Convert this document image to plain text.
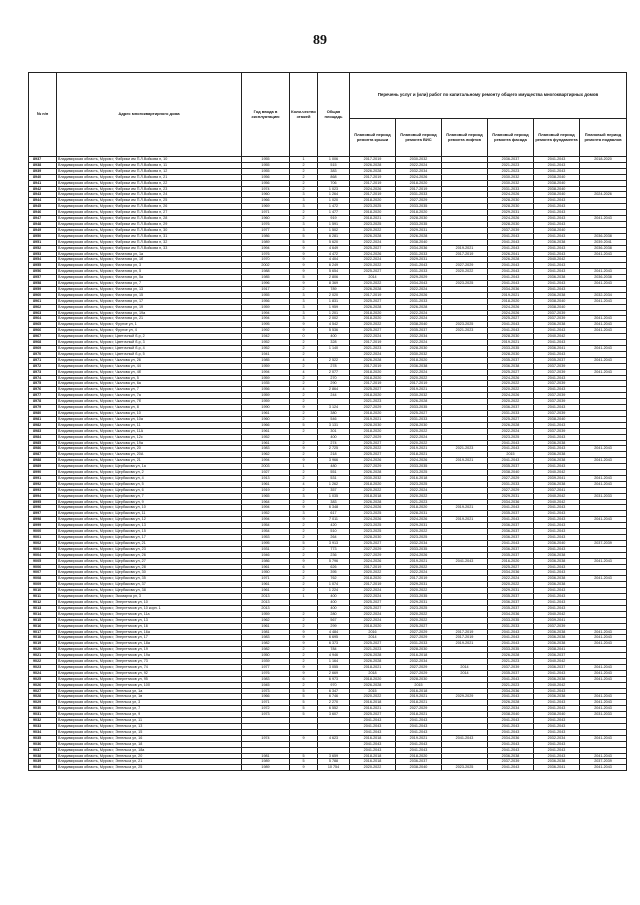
89
№ п/п	Адрес многоквартирного дома	Год ввода в эксплуатацию	Коли-чество этажей	Общая площадь	Перечень услуг и (или) работ по капитальному ремонту общего имущества многоквартирных домов					
					Плановый период ремонта крыши	Плановый период ремонта ВИС	Плановый период ремонта лифтов	Плановый период ремонта фасада	Плановый период ремонта фундамента	Плановый период ремонта подвалов
8937	Владимирская область, Муром г, Фабрики им П.Л.Войкова п, 10	1955	1	1 006	2017-2019	2030-2032		2036-2037	2041-2043	2018-2020
8938	Владимирская область, Муром г, Фабрики им П.Л.Войкова п, 11	1955	2	515	2026-2028	2022-2024		2021-2023	2041-2043	
8939	Владимирская область, Муром г, Фабрики им П.Л.Войкова п, 12	1955	2	383	2026-2028	2032-2034		2021-2023	2041-2043	
8940	Владимирская область, Муром г, Фабрики им П.Л.Войкова п, 21	1956	2	868	2017-2019	2024-2026		2030-2032	2038-2040	
8941	Владимирская область, Муром г, Фабрики им П.Л.Войкова п, 22	1956	2	706	2017-2019	2018-2020		2030-2032	2038-2040	
8942	Владимирская область, Муром г, Фабрики им П.Л.Войкова п, 23	1974	2	1 023	2024-2026	2017-2019		2031-2033	2038-2040	
8943	Владимирская область, Муром г, Фабрики им П.Л.Войкова п, 24	1960	3	1 264	2017-2019	2031-2033		2024-2026	2038-2040	2024-2026
8944	Владимирская область, Муром г, Фабрики им П.Л.Войкова п, 25	1966	3	1 020	2018-2020	2027-2029		2028-2030	2041-2043	
8945	Владимирская область, Муром г, Фабрики им П.Л.Войкова п, 26	1969	3	1 472	2023-2025	2033-2035		2028-2030	2041-2043	
8946	Владимирская область, Муром г, Фабрики им П.Л.Войкова п, 27	1971	2	1 477	2018-2020	2018-2020		2029-2031	2041-2043	
8947	Владимирская область, Муром г, Фабрики им П.Л.Войкова п, 28	1960	2	919	2018-2021	2028-2030		2024-2026	2041-2043	2041-2043
8948	Владимирская область, Муром г, Фабрики им П.Л.Войкова п, 29	1976	3	1 591	2023-2025	2033-2035		2028-2030	2041-2043	
8949	Владимирская область, Муром г, Фабрики им П.Л.Войкова п, 30	1977	3	1 502	2020-2022	2029-2031		2037-2039	2038-2040	
8950	Владимирская область, Муром г, Фабрики им П.Л.Войкова п, 31	1986	5	6 281	2026-2028	2026-2028		2041-2043	2041-2043	2036-2038
8951	Владимирская область, Муром г, Фабрики им П.Л.Войкова п, 32	1989	5	5 620	2022-2024	2038-2040		2041-2043	2036-2038	2039-2041
8952	Владимирская область, Муром г, Фабрики им П.Л.Войкова п, 33	1994	9	4 649	2025-2027	2034-2036	2019-2021	2041-2043	2041-2043	2036-2038
8953	Владимирская область, Муром г, Филатова ул, 1а	1976	9	4 472	2024-2026	2031-2033	2017-2019	2026-2041	2041-2043	2041-2043
8954	Владимирская область, Муром г, Филатова ул, 1б	1970	9	4 404	2022-2024	2029-2031		2026-2028	2040-2042	
8955	Владимирская область, Муром г, Филатова ул, 3	2002	9	6 249	2020-2022	2041-2043	2027-2029	2041-2043	2041-2043	
8956	Владимирская область, Муром г, Филатова ул, 5	1988	9	5 654	2025-2027	2031-2033	2020-2022	2041-2043	2041-2043	2041-2043
8957	Владимирская область, Муром г, Филатова ул, 5а	1985	5	2 806	2014	2029-2029		2041-2043	2036-2038	2036-2038
8958	Владимирская область, Муром г, Филатова ул, 7	1996	9	8 369	2020-2022	2034-2043	2023-2025	2041-2043	2041-2043	2041-2043
8959	Владимирская область, Муром г, Филатова ул, 13	1917	2	789	2026-2028	2022-2024		2034-2036	2041-2043	
8960	Владимирская область, Муром г, Филатова ул, 15	1955	3	2 020	2017-2019	2024-2026		2019-2021	2036-2038	2032-2034
8961	Владимирская область, Муром г, Филатова ул, 17	1956	3	1 831	2025-2027	2031-2033		2018-2020	2038-2040	2041-2043
8962	Владимирская область, Муром г, Филатова ул, 19	1959	3	1 959	2026-2028	2026-2028		2024-2026	2038-2040	
8963	Владимирская область, Муром г, Филатова ул, 19а	1994	3	1 201	2018-2020	2022-2024		2024-2026	2037-2039	
8964	Владимирская область, Муром г, Филатова ул, 21	1994	3	2 002	2018-2020	2022-2024		2025-2027	2037-2039	2041-2043
8965	Владимирская область, Муром г, Фрунзе ул, 1	1995	9	4 542	2020-2022	2038-2040	2023-2025	2041-2043	2036-2038	2041-2043
8966	Владимирская область, Муром г, Фрунзе ул, 4	1992	9	5 536	2025-2027	2035-2037	2021-2023	2041-2043	2041-2043	2041-2043
8967	Владимирская область, Муром г, Цветочный б-р, 2	1942	0	400	2022-2024	2032-2034		2028-2030	2040-2042	
8968	Владимирская область, Муром г, Цветочный б-р, 3	1952	2	328	2017-2019	2022-2024		2019-2021	2041-2043	
8969	Владимирская область, Муром г, Цветочный б-р, 4	1952	2	1 140	2021-2023	2028-2030		2033-2035	2036-2041	2041-2043
8970	Владимирская область, Муром г, Цветочный б-р, 5	1941	2		2022-2024	2030-2032		2028-2030	2041-2043	
8971	Владимирская область, Муром г, Чкалова ул, 26	1985	4	2 522	2026-2028	2018-2020		2035-2037	2035-2037	2041-2043
8972	Владимирская область, Муром г, Чкалова ул, 44	1959	2	278	2017-2019	2036-2038		2036-2038	2037-2039	
8973	Владимирская область, Муром г, Чкалова ул, 4б	1994	4	2 077	2018-2020	2022-2024		2025-2027	2037-2039	2041-2043
8974	Владимирская область, Муром г, Чкалова ул, 5	1959	2	270	2018-2020	2020-2022		2024-2026	2041-2043	
8975	Владимирская область, Муром г, Чкалова ул, 6а	1935	2	290	2017-2019	2017-2019		2020-2022	2037-2039	
8976	Владимирская область, Муром г, Чкалова ул, 7	1956	4	2 864	2025-2027	2019-2021		2020-2022	2041-2043	
8977	Владимирская область, Муром г, Чкалова ул, 7а	1959	2	244	2018-2020	2030-2032		2024-2026	2037-2039	
8978	Владимирская область, Муром г, Чкалова ул, 7б	1959	2		2021-2023	2026-2028		2020-2022	2037-2039	
8979	Владимирская область, Муром г, Чкалова ул, 8	1990	9	3 124	2027-2029	2033-2035		2036-2037	2041-2043	
8980	Владимирская область, Муром г, Чкалова ул, 10	1961	2	380	2018-2020	2025-2027		2031-2033	2037-2039	
8981	Владимирская область, Муром г, Чкалова ул, 10а	1960	2	546	2019-2021	2031-2033		2025-2027	2038-2040	
8982	Владимирская область, Муром г, Чкалова ул, 11	1966	5	3 131	2028-2030	2028-2030		2026-2028	2041-2043	
8983	Владимирская область, Муром г, Чкалова ул, 11А	1961	2	301	2018-2020	2020-2022		2022-2024	2037-2039	
8984	Владимирская область, Муром г, Чкалова ул, 12с	1952		400	2027-2029	2022-2024		2023-2025	2041-2043	
8985	Владимирская область, Муром г, Чкалова ул, 19а	1961	2	274	2025-2027	2020-2022		2041-2043	2036-2038	
8986	Владимирская область, Муром г, Чкалова ул, 20	1983	9	2 725	2020-2022	2019-2021	2021-2023	2041-2043	2041-2043	2041-2043
8987	Владимирская область, Муром г, Чкалова ул, 20А	1962	2	218	2025-2027	2018-2021		2015	2036-2038	
8988	Владимирская область, Муром г, Чкалова ул, 21	1994	9	3 966	2024-2026	2024-2026	2019-2021	2041-2043	2036-2038	2041-2043
8989	Владимирская область, Муром г, Щербакова ул, 1а	2003	1	480	2027-2029	2033-2035		2035-2037	2041-2043	
8990	Владимирская область, Муром г, Щербакова ул, 2	1927	2	551	2026-2028	2023-2025		2038-2040	2040-2042	
8991	Владимирская область, Муром г, Щербакова ул, 4	1913	2	531	2030-2032	2016-2018		2027-2029	2039-2041	2041-2043
8992	Владимирская область, Муром г, Щербакова ул, 5	1961	4	1 262	2018-2020	2023-2025		2031-2033	2036-2038	2041-2043
8993	Владимирская область, Муром г, Щербакова ул, 6	1919	2	357	2020-2022	2022-2024		2027-2029	2037-2041	
8994	Владимирская область, Муром г, Щербакова ул, 7	1965	3	1 035	2018-2018	2020-2022		2029-2031	2040-2042	2031-2033
8995	Владимирская область, Муром г, Щербакова ул, 9	1964	2	383	2026-2028	2021-2023		2034-2036	2040-2042	
8996	Владимирская область, Муром г, Щербакова ул, 10	1994	9	6 348	2024-2026	2018-2020	2019-2021	2041-2043	2041-2043	
8997	Владимирская область, Муром г, Щербакова ул, 11	1952	3	617	2023-2025	2028-2031		2035-2037	2041-2043	
8998	Владимирская область, Муром г, Щербакова ул, 12	1994	9	7 011	2024-2026	2024-2026	2019-2021	2041-2043	2041-2043	2041-2043
8999	Владимирская область, Муром г, Щербакова ул, 13	1954	2	420	2023-2025	2029-2031		2036-2037	2041-2043	
9000	Владимирская область, Муром г, Щербакова ул, 15	1954	2	510	2023-2025	2020-2022		2036-2037	2041-2043	
9001	Владимирская область, Муром г, Щербакова ул, 17	1953	2	264	2028-2030	2023-2025		2036-2037	2041-2043	
9002	Владимирская область, Муром г, Щербакова ул, 21	1995	5	3 913	2025-2027	2032-2034		2041-2043	2036-2040	2037-2039
9003	Владимирская область, Муром г, Щербакова ул, 23	1931	2	773	2027-2029	2033-2035		2036-2037	2041-2043	
9004	Владимирская область, Муром г, Щербакова ул, 26	1946	2	236	2027-2029	2024-2026		2035-2037	2036-2038	
9005	Владимирская область, Муром г, Щербакова ул, 27	1986	9	5 796	2024-2026	2019-2021	2041-2043	2016-2020	2036-2038	2041-2043
9006	Владимирская область, Муром г, Щербакова ул, 28	1961	6	626	2017-2019	2020-2022		2025-2027	2041-2043	
9007	Владимирская область, Муром г, Щербакова ул, 30	1950	2	395	2020-2022	2022-2024		2034-2036	2041-2043	
9008	Владимирская область, Муром г, Щербакова ул, 35	1971	2	762	2018-2020	2017-2019		2022-2024	2036-2038	2041-2043
9009	Владимирская область, Муром г, Щербакова ул, 37	1961	2	1 074	2017-2019	2029-2031		2020-2022	2036-2038	
9010	Владимирская область, Муром г, Щербакова ул, 38	1961	2	1 224	2022-2024	2020-2022		2029-2031	2041-2043	
9011	Владимирская область, Муром г, Эксмарха ул, 3	2013	1	400	2022-2024	2033-2035		2035-2037	2041-2043	
9012	Владимирская область, Муром г, Энергетиков ул, 10	2013		400	2025-2027	2029-2031		2036-2037	2041-2043	
9013	Владимирская область, Муром г, Энергетиков ул, 10 корп. 1	2013		400	2025-2027	2023-2025		2035-2037	2041-2043	
9014	Владимирская область, Муром г, Энергетиков ул, 11а	1959	2	280	2022-2024	2020-2022		2034-2036	2040-2042	
9015	Владимирская область, Муром г, Энергетиков ул, 13	1962	2	567	2022-2024	2020-2022		2033-2035	2039-2041	
9016	Владимирская область, Муром г, Энергетиков ул, 16	1961	2	299	2018-2020	2025-2027		2031-2033	2037-2039	
9017	Владимирская область, Муром г, Энергетиков ул, 16а	1981	9	4 484	2016	2027-2029	2017-2019	2041-2043	2036-2038	2041-2043
9018	Владимирская область, Муром г, Энергетиков ул, 17	1983	9	6 695	2014	2027-2029	2017-2019	2041-2043	2036-2038	2041-2043
9019	Владимирская область, Муром г, Энергетиков ул, 18а	1982	9	6 373	2025-2027	2031-2033	2019-2021	2041-2043	2036-2038	2041-2043
9020	Владимирская область, Муром г, Энергетиков ул, 19	1982	2	784	2021-2023	2028-2030		2033-2035	2038-2041	
9021	Владимирская область, Муром г, Энергетиков ул, 19а	1950	2	4 946	2026-2028	2016-2018		2026-2028	2036-2037	
9022	Владимирская область, Муром г, Энергетиков ул, 73	1939	2	1 164	2026-2028	2032-2034		2021-2023	2040-2042	
9023	Владимирская область, Муром г, Энергетиков ул, 74	1977	9	3 055	2018-2021	2027-2029	2014	2037-2039	2036-2037	2041-2043
9024	Владимирская область, Муром г, Энергетиков ул, 92	1976	9	2 669	2018	2027-2029	2014	2035-2037	2041-2043	2041-2043
9025	Владимирская область, Муром г, Энергетиков ул, 95	1983	6	6 973	2018-2020	2028-2030		2041-2043	2036-2038	2041-2043
9026	Владимирская область, Муром г, Энергетиков ул, 100	1945	2	970	2026-2028	2015		2021-2023	2040-2042	
9027	Владимирская область, Муром г, Энгельса ул, 1а	1973	5	6 347	2015	2016-2018		2034-2036	2041-2043	
9028	Владимирская область, Муром г, Энгельса ул, 1в	1966	5	6 746	2020-2022	2019-2021	2029-2029	2041-2043	2036-2038	2041-2043
9029	Владимирская область, Муром г, Энгельса ул, 3	1971	5	2 270	2016-2018	2018-2021		2026-2028	2041-2043	2041-2043
9030	Владимирская область, Муром г, Энгельса ул, 7	1972	5	6 552	2016-2021	2027-2029		2032-2034	2041-2043	2041-2043
9031	Владимирская область, Муром г, Энгельса ул, 9	1973	5	3 607	2025-2027	2018-2021		2038-2040	2038-2040	2031-2033
9032	Владимирская область, Муром г, Энгельса ул, 11				2041-2043	2041-2043		2041-2043	2041-2043	
9033	Владимирская область, Муром г, Энгельса ул, 13				2041-2043	2041-2043		2041-2043	2041-2043	
9034	Владимирская область, Муром г, Энгельса ул, 15				2041-2043	2041-2043		2041-2043	2041-2043	
9035	Владимирская область, Муром г, Энгельса ул, 16	1974	9	4 623	2016-2018	2019-2021	2041-2043	2034-2036	2032-2034	2041-2043
9036	Владимирская область, Муром г, Энгельса ул, 18				2041-2043	2041-2043		2041-2043	2041-2043	
9037	Владимирская область, Муром г, Энгельса ул, 18а				2041-2043	2041-2043		2041-2043	2041-2043	
9038	Владимирская область, Муром г, Энгельса ул, 20	1981	5	3 659	2018-2018	2018-2020		2036-2038	2041-2043	2041-2043
9039	Владимирская область, Муром г, Энгельса ул, 21	1989	5	5 788	2016-2018	2036-2037		2037-2039	2036-2038	2037-2039
9040	Владимирская область, Муром г, Энгельса ул, 25	1989	9	10 754	2020-2022	2038-2040	2023-2025	2041-2043	2036-2041	2041-2043
